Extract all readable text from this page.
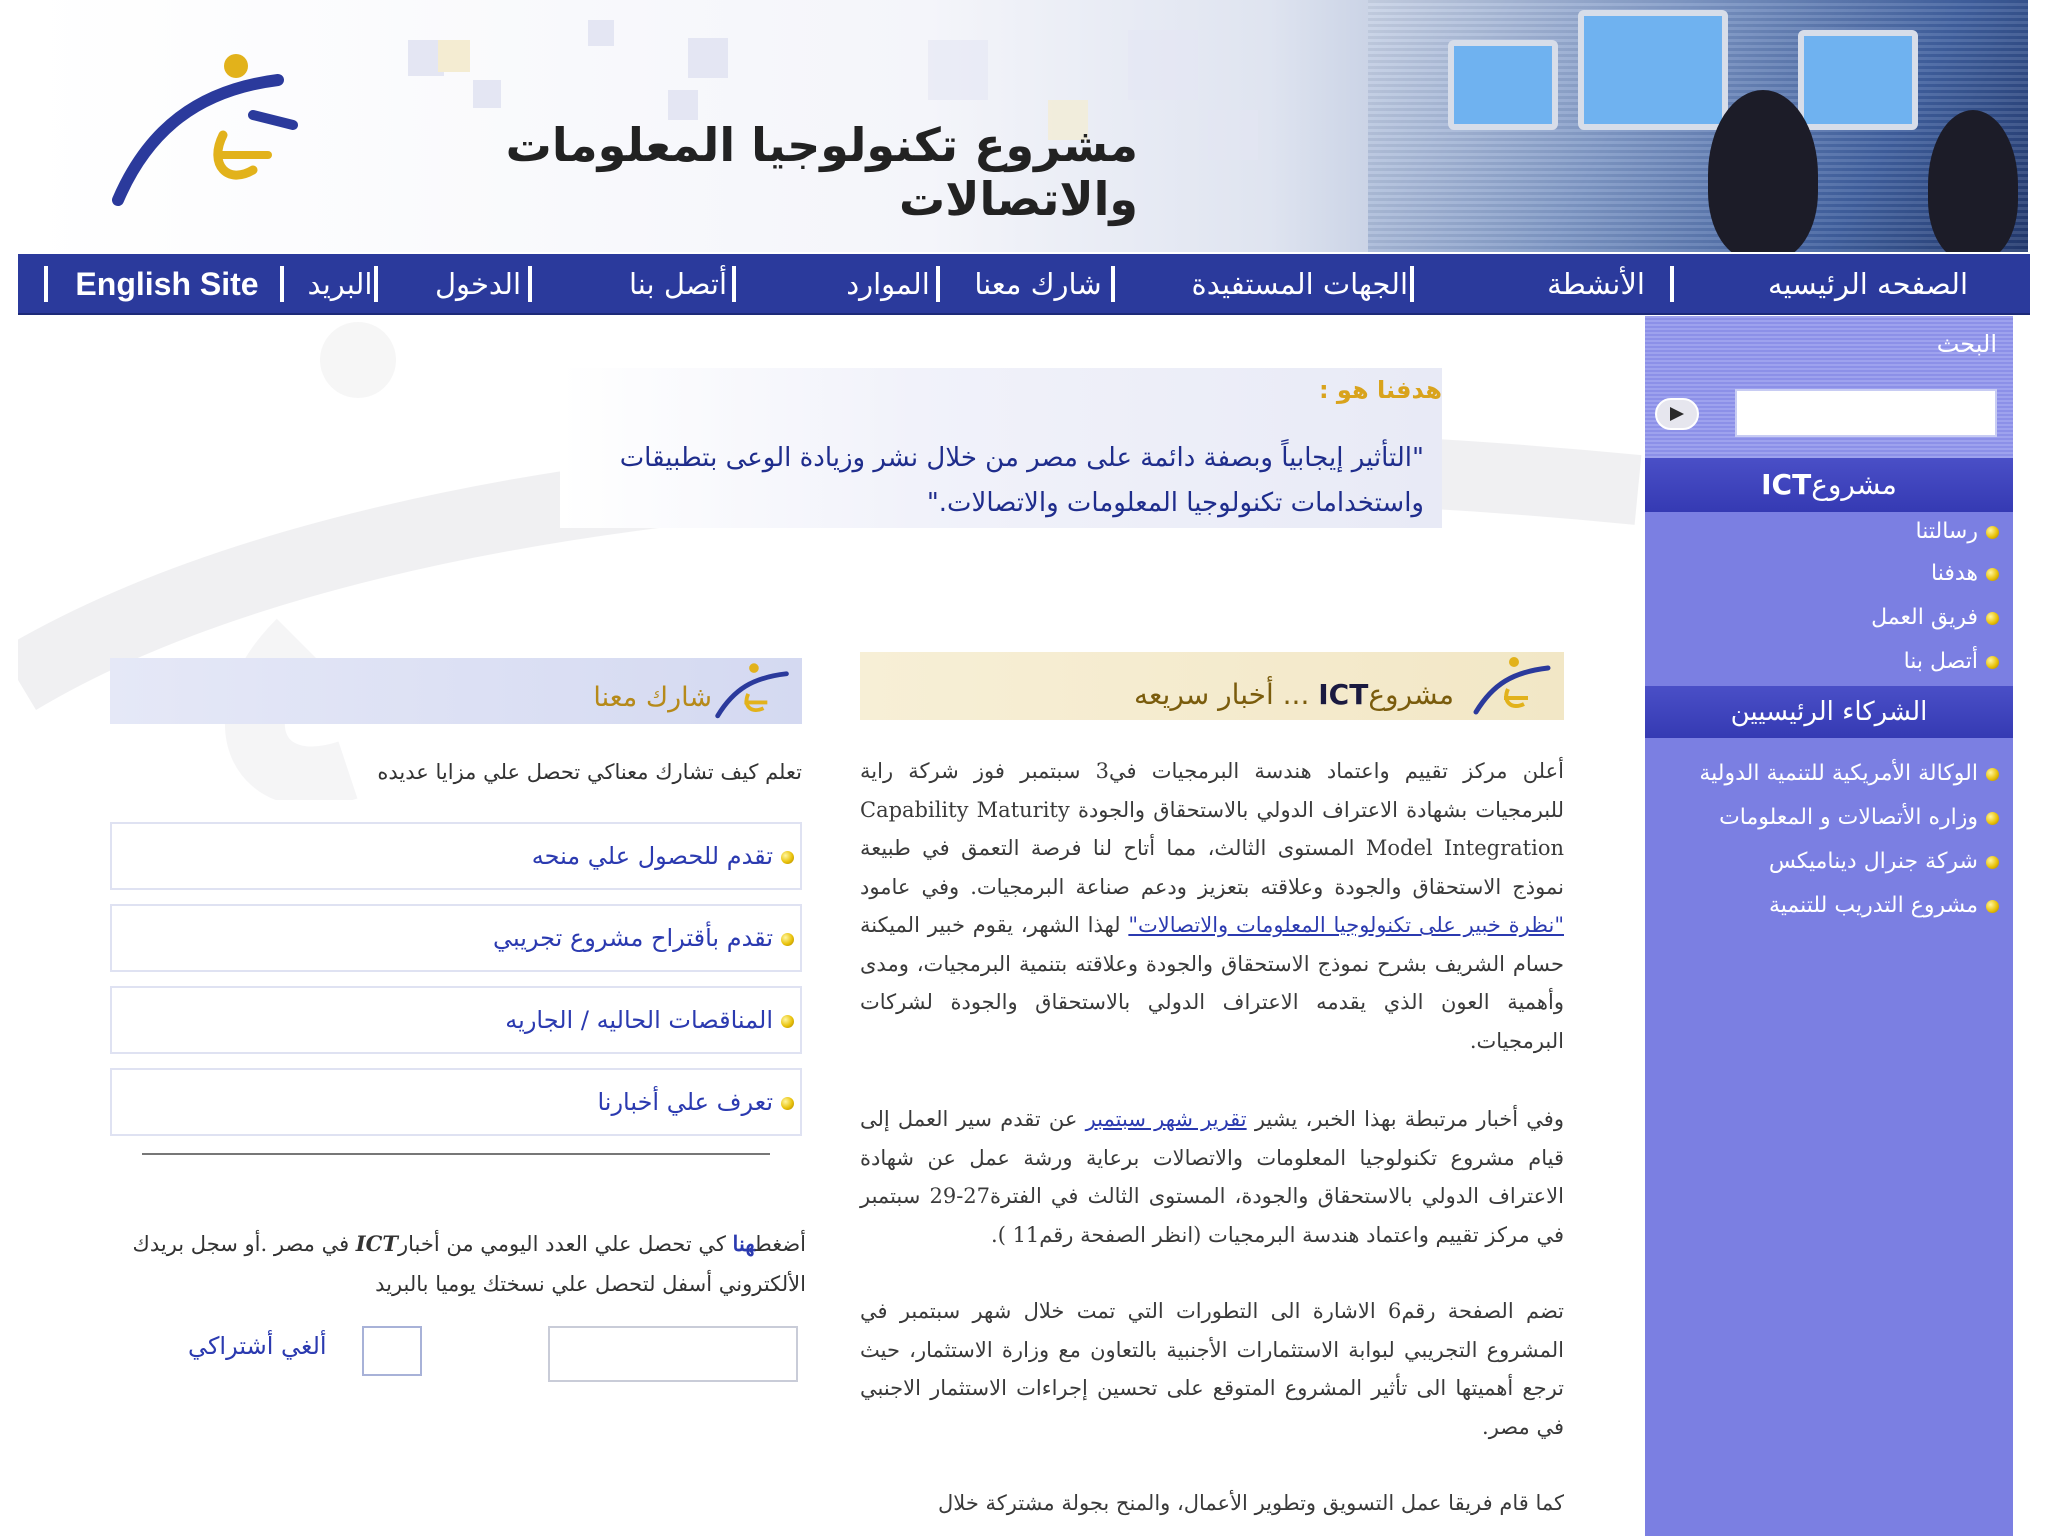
مشروع تكنولوجيا المعلومات والاتصالات
الصفحه الرئيسيه
الأنشطة
الجهات المستفيدة
شارك معنا
الموارد
أتصل بنا
الدخول
البريد
English Site
البحث
مشروعICT
رسالتنا
هدفنا
فريق العمل
أتصل بنا
الشركاء الرئيسيين
الوكالة الأمريكية للتنمية الدولية
وزاره الأتصالات و المعلومات
شركة جنرال ديناميكس
مشروع التدريب للتنمية
هدفنا هو :
"التأثير إيجابياً وبصفة دائمة على مصر من خلال نشر وزيادة الوعى بتطبيقات واستخدامات تكنولوجيا المعلومات والاتصالات."
مشروعICT ... أخبار سريعه
أعلن مركز تقييم واعتماد هندسة البرمجيات في3 سبتمبر فوز شركة راية للبرمجيات بشهادة الاعتراف الدولي بالاستحقاق والجودة Capability Maturity Model Integration المستوى الثالث، مما أتاح لنا فرصة التعمق في طبيعة نموذج الاستحقاق والجودة وعلاقته بتعزيز ودعم صناعة البرمجيات. وفي عامود "نظرة خبير على تكنولوجيا المعلومات والاتصالات" لهذا الشهر، يقوم خبير الميكنة حسام الشريف بشرح نموذج الاستحقاق والجودة وعلاقته بتنمية البرمجيات، ومدى وأهمية العون الذي يقدمه الاعتراف الدولي بالاستحقاق والجودة لشركات البرمجيات.
وفي أخبار مرتبطة بهذا الخبر، يشير تقرير شهر سبتمبر عن تقدم سير العمل إلى قيام مشروع تكنولوجيا المعلومات والاتصالات برعاية ورشة عمل عن شهادة الاعتراف الدولي بالاستحقاق والجودة، المستوى الثالث في الفترة27-29 سبتمبر في مركز تقييم واعتماد هندسة البرمجيات (انظر الصفحة رقم11 ).
تضم الصفحة رقم6 الاشارة الى التطورات التي تمت خلال شهر سبتمبر في المشروع التجريبي لبوابة الاستثمارات الأجنبية بالتعاون مع وزارة الاستثمار، حيث ترجع أهميتها الى تأثير المشروع المتوقع على تحسين إجراءات الاستثمار الاجنبي في مصر.
كما قام فريقا عمل التسويق وتطوير الأعمال، والمنح بجولة مشتركة خلال
شارك معنا
تعلم كيف تشارك معناكي تحصل علي مزايا عديده
تقدم للحصول علي منحه
تقدم بأقتراح مشروع تجريبي
المناقصات الحاليه / الجاريه
تعرف علي أخبارنا
أضغطهنا كي تحصل علي العدد اليومي من أخبارICT في مصر .أو سجل بريدك الألكتروني أسفل لتحصل علي نسختك يوميا بالبريد
ألغي أشتراكي
